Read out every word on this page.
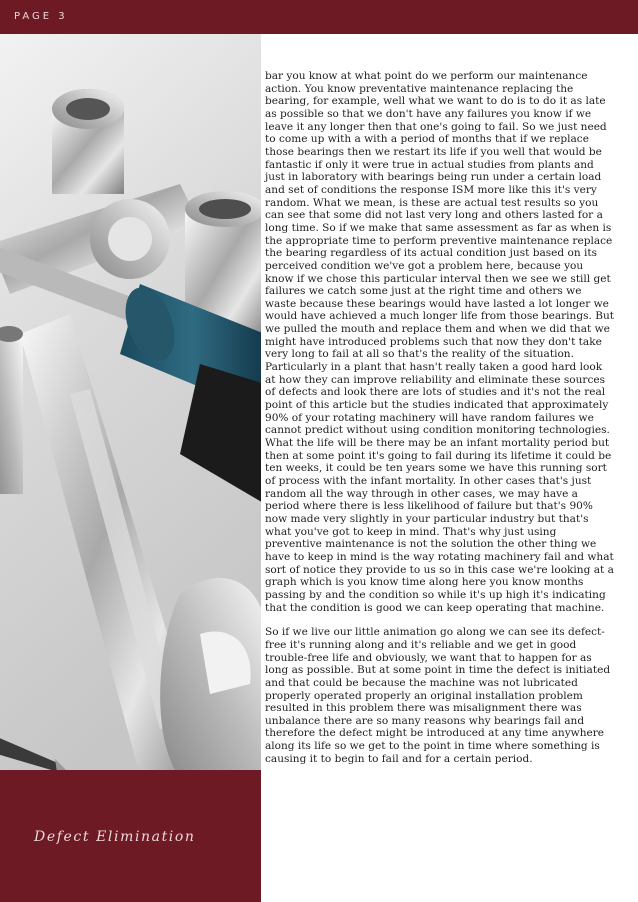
PAGE 3
Defect Elimination

bar you know at what point do we perform our maintenance action. You know preventative maintenance replacing the bearing, for example, well what we want to do is to do it as late as possible so that we don't have any failures you know if we leave it any longer then that one's going to fail. So we just need to come up with a with a period of months that if we replace those bearings then we restart its life if you well that would be fantastic if only it were true in actual studies from plants and just in laboratory with bearings being run under a certain load and set of conditions the response ISM more like this it's very random. What we mean, is these are actual test results so you can see that some did not last very long and others lasted for a long time. So if we make that same assessment as far as when is the appropriate time to perform preventive maintenance replace the bearing regardless of its actual condition just based on its perceived condition we've got a problem here, because you know if we chose this particular interval then we see we still get failures we catch some just at the right time and others we waste because these bearings would have lasted a lot longer we would have achieved a much longer life from those bearings. But we pulled the mouth and replace them and when we did that we might have introduced problems such that now they don't take very long to fail at all so that's the reality of the situation. Particularly in a plant that hasn't really taken a good hard look at how they can improve reliability and eliminate these sources of defects and look there are lots of studies and it's not the real point of this article but the studies indicated that approximately 90% of your rotating machinery will have random failures we cannot predict without using condition monitoring technologies. What the life will be there may be an infant mortality period but then at some point it's going to fail during its lifetime it could be ten weeks, it could be ten years some we have this running sort of process with the infant mortality. In other cases that's just random all the way through in other cases, we may have a period where there is less likelihood of failure but that's 90% now made very slightly in your particular industry but that's what you've got to keep in mind. That's why just using preventive maintenance is not the solution the other thing we have to keep in mind is the way rotating machinery fail and what sort of notice they provide to us so in this case we're looking at a graph which is you know time along here you know months passing by and the condition so while it's up high it's indicating that the condition is good we can keep operating that machine.

So if we live our little animation go along we can see its defect-free it's running along and it's reliable and we get in good trouble-free life and obviously, we want that to happen for as long as possible. But at some point in time the defect is initiated and that could be because the machine was not lubricated properly operated properly an original installation problem resulted in this problem there was misalignment there was unbalance there are so many reasons why bearings fail and therefore the defect might be introduced at any time anywhere along its life so we get to the point in time where something is causing it to begin to fail and for a certain period.
